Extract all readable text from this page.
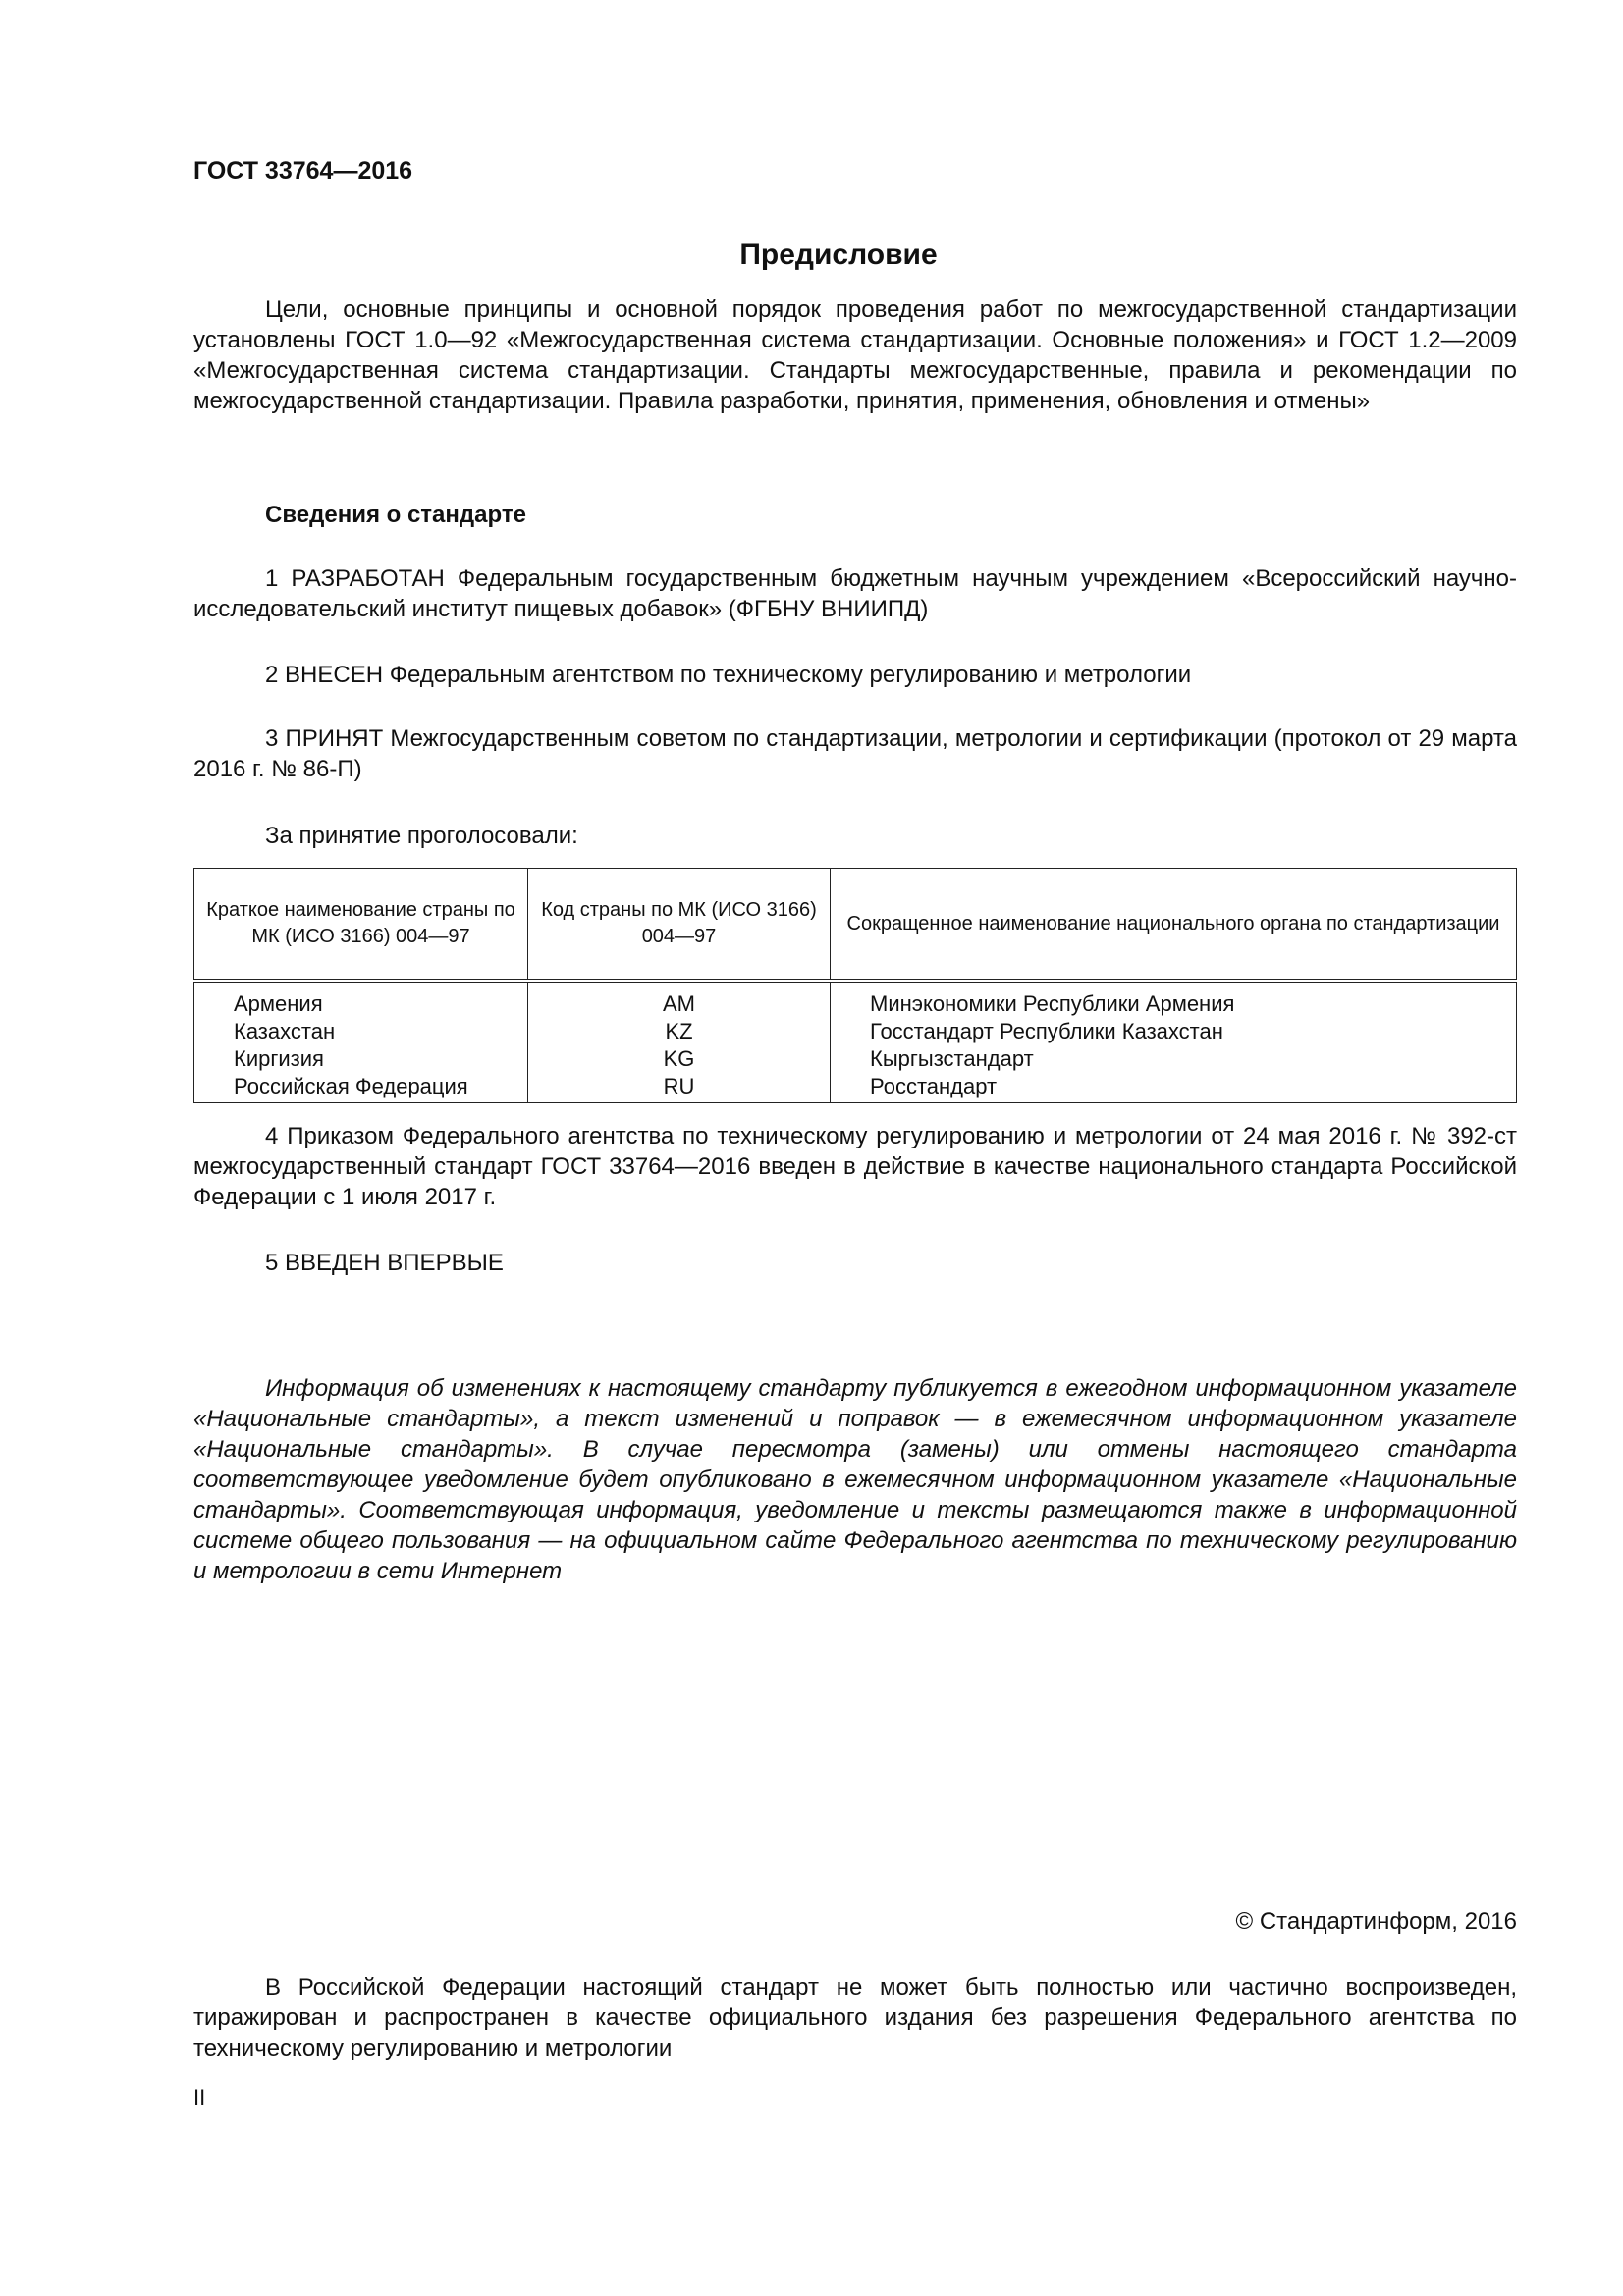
ГОСТ 33764—2016
Предисловие

Цели, основные принципы и основной порядок проведения работ по межгосударственной стандартизации установлены ГОСТ 1.0—92 «Межгосударственная система стандартизации. Основные положения» и ГОСТ 1.2—2009 «Межгосударственная система стандартизации. Стандарты межгосударственные, правила и рекомендации по межгосударственной стандартизации. Правила разработки, принятия, применения, обновления и отмены»

Сведения о стандарте

1 РАЗРАБОТАН Федеральным государственным бюджетным научным учреждением «Всероссийский научно-исследовательский институт пищевых добавок» (ФГБНУ ВНИИПД)

2 ВНЕСЕН Федеральным агентством по техническому регулированию и метрологии

3 ПРИНЯТ Межгосударственным советом по стандартизации, метрологии и сертификации (протокол от 29 марта 2016 г. № 86-П)

За принятие проголосовали:

Краткое наименование страны по МК (ИСО 3166) 004—97	Код страны по МК (ИСО 3166) 004—97	Сокращенное наименование национального органа по стандартизации
Армения	AM	Минэкономики Республики Армения
Казахстан	KZ	Госстандарт Республики Казахстан
Киргизия	KG	Кыргызстандарт
Российская Федерация	RU	Росстандарт

4 Приказом Федерального агентства по техническому регулированию и метрологии от 24 мая 2016 г. № 392-ст межгосударственный стандарт ГОСТ 33764—2016 введен в действие в качестве национального стандарта Российской Федерации с 1 июля 2017 г.

5 ВВЕДЕН ВПЕРВЫЕ

Информация об изменениях к настоящему стандарту публикуется в ежегодном информационном указателе «Национальные стандарты», а текст изменений и поправок — в ежемесячном информационном указателе «Национальные стандарты». В случае пересмотра (замены) или отмены настоящего стандарта соответствующее уведомление будет опубликовано в ежемесячном информационном указателе «Национальные стандарты». Соответствующая информация, уведомление и тексты размещаются также в информационной системе общего пользования — на официальном сайте Федерального агентства по техническому регулированию и метрологии в сети Интернет

© Стандартинформ, 2016

В Российской Федерации настоящий стандарт не может быть полностью или частично воспроизведен, тиражирован и распространен в качестве официального издания без разрешения Федерального агентства по техническому регулированию и метрологии

II
